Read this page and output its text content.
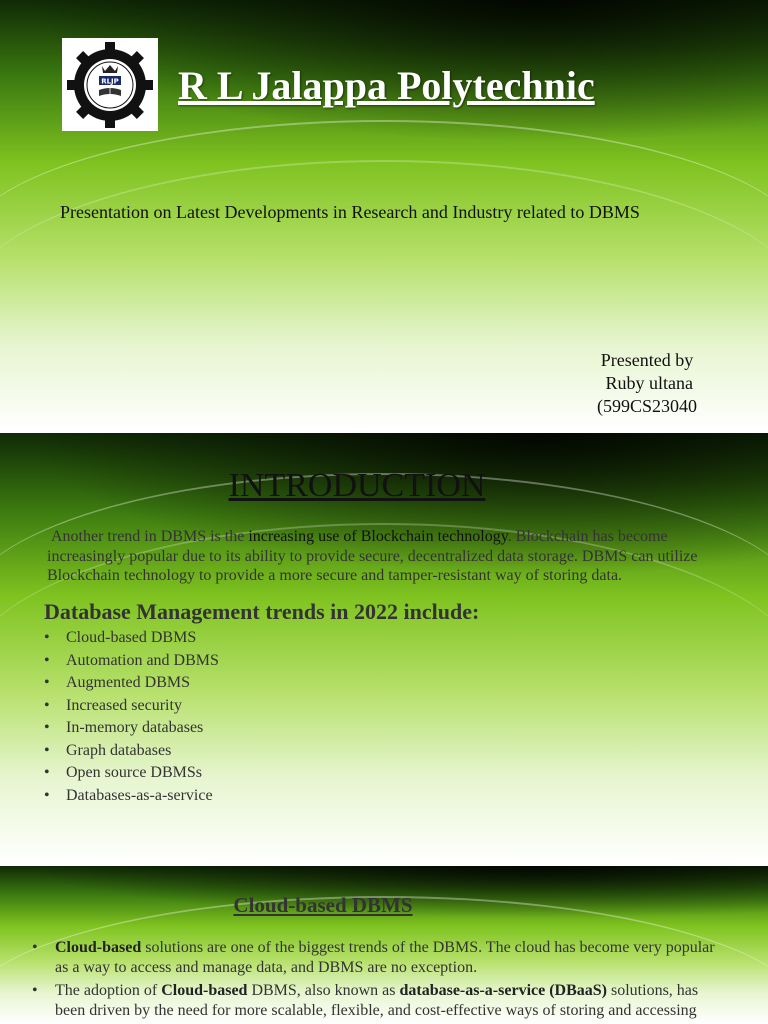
RLJP R L Jalappa Polytechnic
Presentation on Latest Developments in Research and Industry related to DBMS
Presented by
Ruby ultana
(599CS23040
INTRODUCTION
Another trend in DBMS is the increasing use of Blockchain technology. Blockchain has become increasingly popular due to its ability to provide secure, decentralized data storage. DBMS can utilize Blockchain technology to provide a more secure and tamper-resistant way of storing data.
Database Management trends in 2022 include:
•	Cloud-based DBMS
•	Automation and DBMS
•	Augmented DBMS
•	Increased security
•	In-memory databases
•	Graph databases
•	Open source DBMSs
•	Databases-as-a-service
Cloud-based DBMS
•	Cloud-based solutions are one of the biggest trends of the DBMS. The cloud has become very popular as a way to access and manage data, and DBMS are no exception.
•	The adoption of Cloud-based DBMS, also known as database-as-a-service (DBaaS) solutions, has been driven by the need for more scalable, flexible, and cost-effective ways of storing and accessing
